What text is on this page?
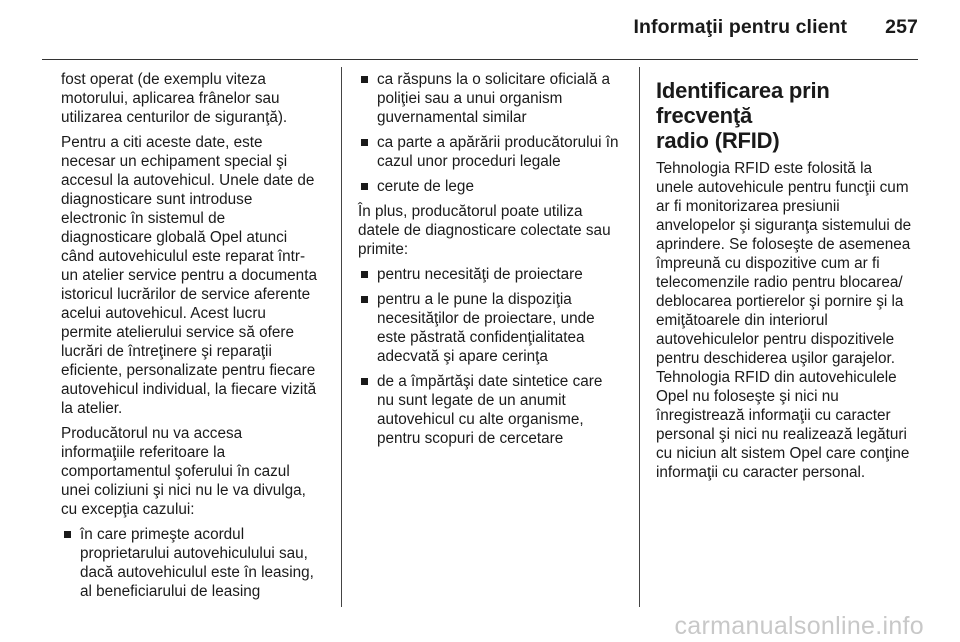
Informaţii pentru client 257

fost operat (de exemplu viteza
motorului, aplicarea frânelor sau
utilizarea centurilor de siguranţă).

Pentru a citi aceste date, este
necesar un echipament special şi
accesul la autovehicul. Unele date de
diagnosticare sunt introduse
electronic în sistemul de
diagnosticare globală Opel atunci
când autovehiculul este reparat într-
un atelier service pentru a documenta
istoricul lucrărilor de service aferente
acelui autovehicul. Acest lucru
permite atelierului service să ofere
lucrări de întreţinere şi reparaţii
eficiente, personalizate pentru fiecare
autovehicul individual, la fiecare vizită
la atelier.

Producătorul nu va accesa
informaţiile referitoare la
comportamentul şoferului în cazul
unei coliziuni şi nici nu le va divulga,
cu excepţia cazului:

în care primeşte acordul
proprietarului autovehiculului sau,
dacă autovehiculul este în leasing,
al beneficiarului de leasing
ca răspuns la o solicitare oficială a
poliţiei sau a unui organism
guvernamental similar
ca parte a apărării producătorului în
cazul unor proceduri legale
cerute de lege

În plus, producătorul poate utiliza
datele de diagnosticare colectate sau
primite:

pentru necesităţi de proiectare
pentru a le pune la dispoziţia
necesităţilor de proiectare, unde
este păstrată confidenţialitatea
adecvată şi apare cerinţa
de a împărtăşi date sintetice care
nu sunt legate de un anumit
autovehicul cu alte organisme,
pentru scopuri de cercetare
Identificarea prin frecvenţă
radio (RFID)

Tehnologia RFID este folosită la
unele autovehicule pentru funcţii cum
ar fi monitorizarea presiunii
anvelopelor şi siguranţa sistemului de
aprindere. Se foloseşte de asemenea
împreună cu dispozitive cum ar fi
telecomenzile radio pentru blocarea/
deblocarea portierelor şi pornire şi la
emiţătoarele din interiorul
autovehiculelor pentru dispozitivele
pentru deschiderea uşilor garajelor.

Tehnologia RFID din autovehiculele
Opel nu foloseşte şi nici nu
înregistrează informaţii cu caracter
personal şi nici nu realizează legături
cu niciun alt sistem Opel care conţine
informaţii cu caracter personal.

carmanualsonline.info
